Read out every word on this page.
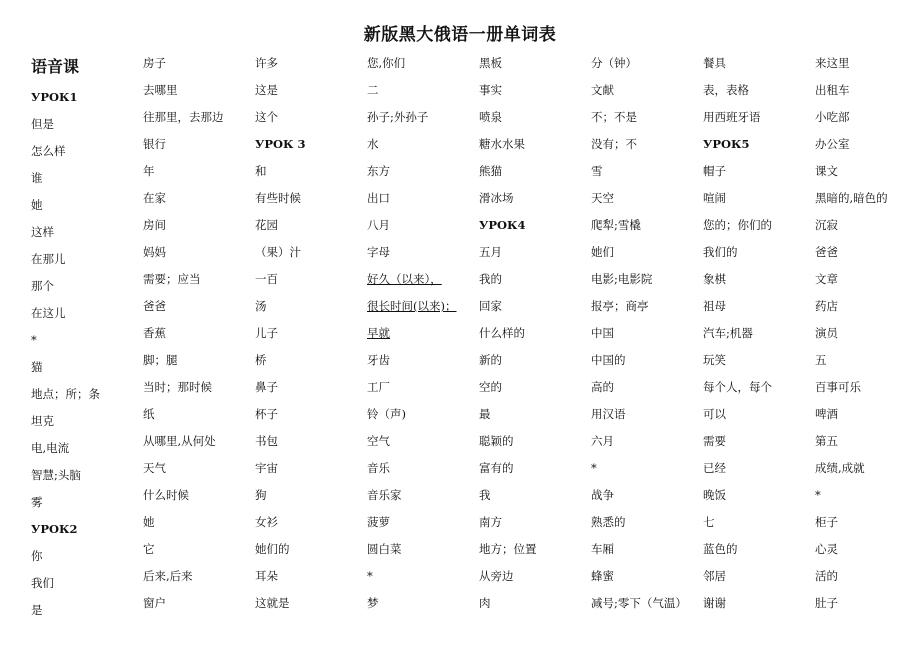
新版黑大俄语一册单词表
语音课
УРОК1
但是
怎么样
谁
她
这样
在那儿
那个
在这儿
*
猫
地点；所；条
坦克
电,电流
智慧;头脑
雾
УРОК2
你
我们
是
房子
去哪里
往那里，去那边
银行
年
在家
房间
妈妈
需要；应当
爸爸
香蕉
脚；腿
当时；那时候
纸
从哪里,从何处
天气
什么时候
她
它
后来,后来
窗户
许多
这是
这个
УРОК 3
和
有些时候
花园
（果）汁
一百
汤
儿子
桥
鼻子
杯子
书包
宇宙
狗
女衫
她们的
耳朵
这就是
您,你们
二
孙子;外孙子
水
东方
出口
八月
字母
好久（以来），
很长时间(以来)；
早就
牙齿
工厂
铃（声)
空气
音乐
音乐家
菠萝
圆白菜
*
梦
黑板
事实
喷泉
糖水水果
熊猫
滑冰场
УРОК4
五月
我的
回家
什么样的
新的
空的
最
聪颖的
富有的
我
南方
地方；位置
从旁边
肉
分（钟）
文献
不；不是
没有；不
雪
天空
爬犁;雪橇
她们
电影;电影院
报亭；商亭
中国
中国的
高的
用汉语
六月
*
战争
熟悉的
车厢
蜂蜜
减号;零下（气温）
餐具
表，表格
用西班牙语
УРОК5
帽子
喧闹
您的；你们的
我们的
象棋
祖母
汽车;机器
玩笑
每个人，每个
可以
需要
已经
晚饭
七
蓝色的
邻居
谢谢
来这里
出租车
小吃部
办公室
课文
黑暗的,暗色的
沉寂
爸爸
文章
药店
演员
五
百事可乐
啤酒
第五
成绩,成就
*
柜子
心灵
活的
肚子
